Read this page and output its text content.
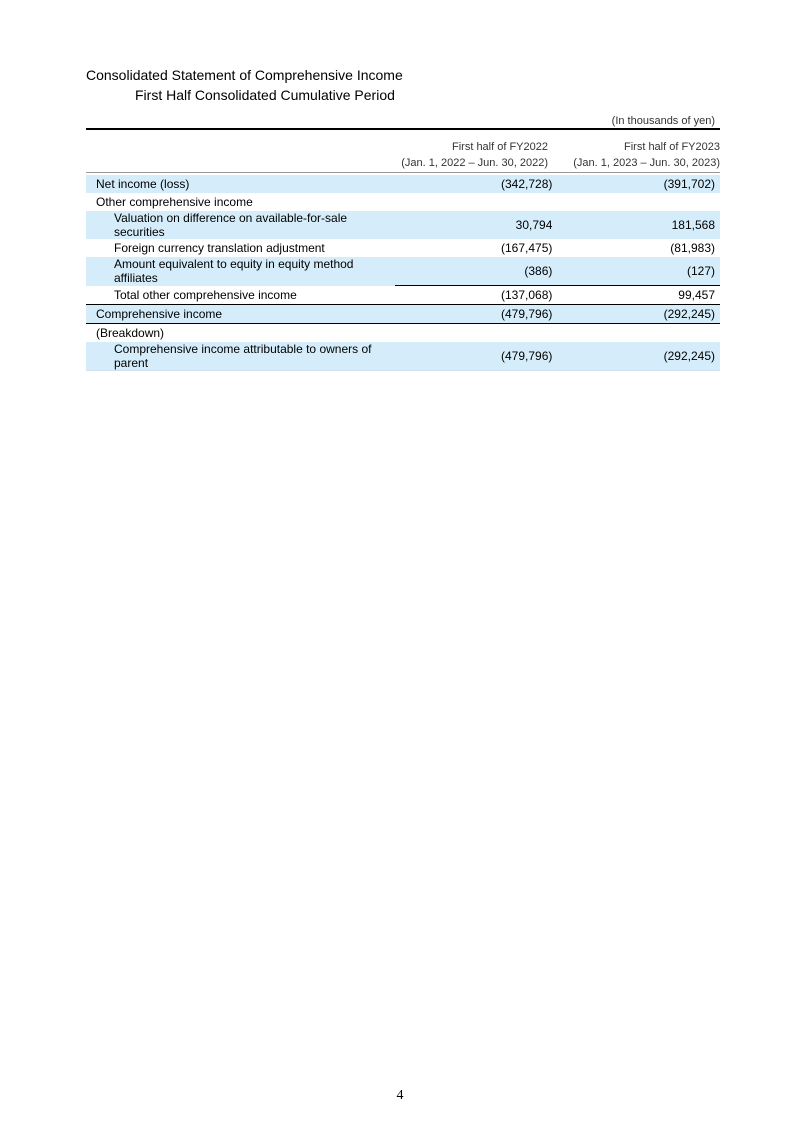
Consolidated Statement of Comprehensive Income
First Half Consolidated Cumulative Period
(In thousands of yen)
First half of FY2022
(Jan. 1, 2022 – Jun. 30, 2022)
First half of FY2023
(Jan. 1, 2023 – Jun. 30, 2023)
Net income (loss)	(342,728)	(391,702)
Other comprehensive income		
Valuation on difference on available-for-sale securities	30,794	181,568
Foreign currency translation adjustment	(167,475)	(81,983)
Amount equivalent to equity in equity method affiliates	(386)	(127)
Total other comprehensive income	(137,068)	99,457
Comprehensive income	(479,796)	(292,245)
(Breakdown)		
Comprehensive income attributable to owners of parent	(479,796)	(292,245)
4
